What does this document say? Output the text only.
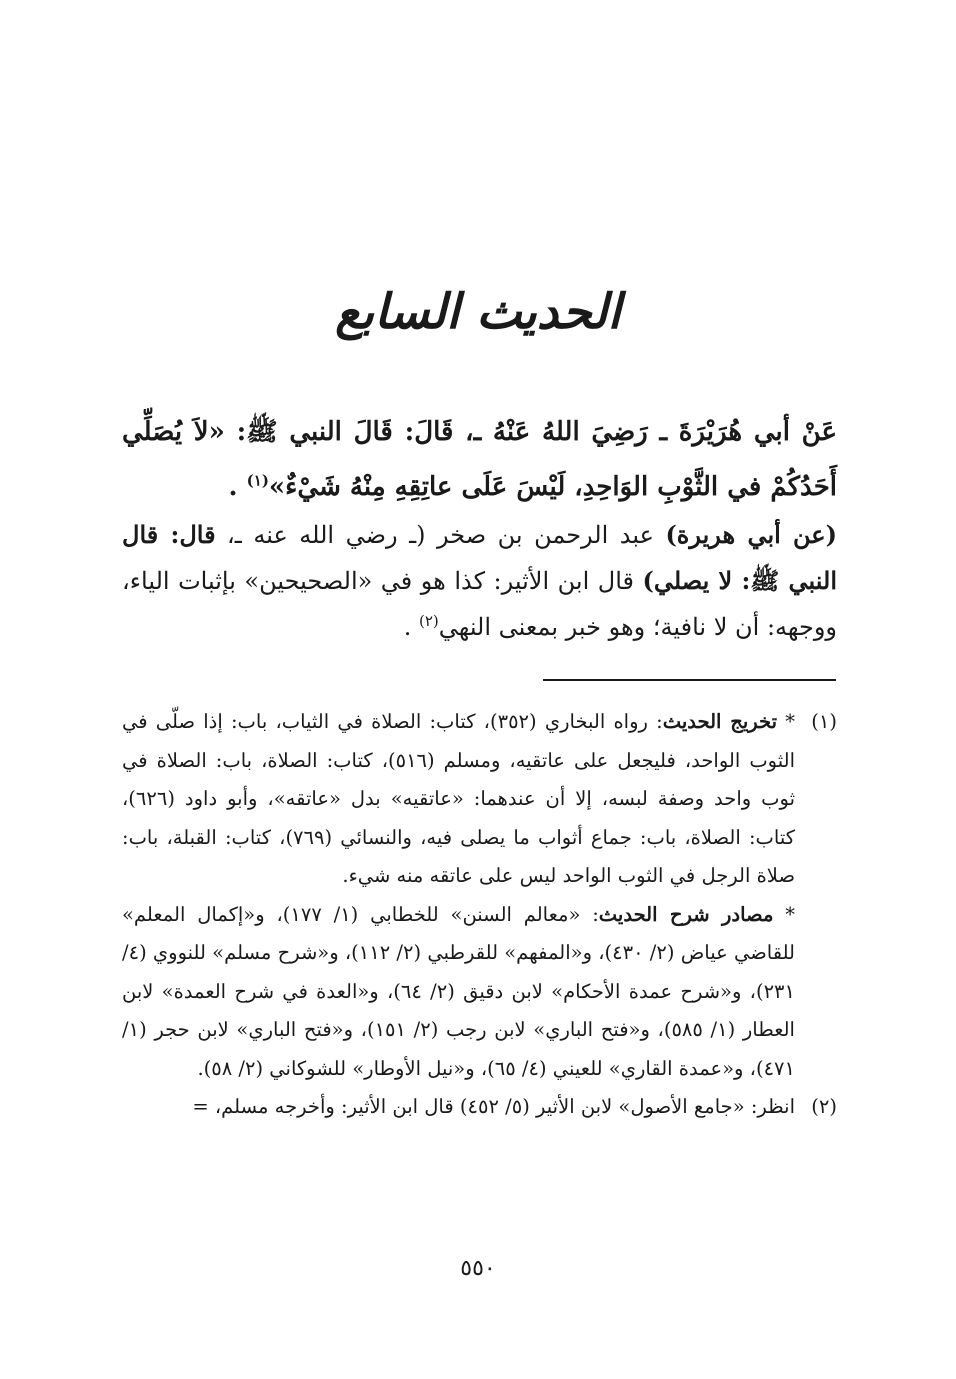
الحديث السابع

عَنْ أبي هُرَيْرَةَ ـ رَضِيَ اللهُ عَنْهُ ـ، قَالَ: قَالَ النبي ﷺ: «لاَ يُصَلِّي أَحَدُكُمْ في الثَّوْبِ الوَاحِدِ، لَيْسَ عَلَى عاتِقِهِ مِنْهُ شَيْءٌ»$^{(١)}$ .

(عن أبي هريرة) عبد الرحمن بن صخر (ـ رضي الله عنه ـ، قال: قال النبي ﷺ: لا يصلي) قال ابن الأثير: كذا هو في «الصحيحين» بإثبات الياء، ووجهه: أن لا نافية؛ وهو خبر بمعنى النهي$^{(٢)}$ .

(١)

* تخريج الحديث: رواه البخاري (٣٥٢)، كتاب: الصلاة في الثياب، باب: إذا صلّى في الثوب الواحد، فليجعل على عاتقيه، ومسلم (٥١٦)، كتاب: الصلاة، باب: الصلاة في ثوب واحد وصفة لبسه، إلا أن عندهما: «عاتقيه» بدل «عاتقه»، وأبو داود (٦٢٦)، كتاب: الصلاة، باب: جماع أثواب ما يصلى فيه، والنسائي (٧٦٩)، كتاب: القبلة، باب: صلاة الرجل في الثوب الواحد ليس على عاتقه منه شيء.

* مصادر شرح الحديث: «معالم السنن» للخطابي (١/ ١٧٧)، و«إكمال المعلم» للقاضي عياض (٢/ ٤٣٠)، و«المفهم» للقرطبي (٢/ ١١٢)، و«شرح مسلم» للنووي (٤/ ٢٣١)، و«شرح عمدة الأحكام» لابن دقيق (٢/ ٦٤)، و«العدة في شرح العمدة» لابن العطار (١/ ٥٨٥)، و«فتح الباري» لابن رجب (٢/ ١٥١)، و«فتح الباري» لابن حجر (١/ ٤٧١)، و«عمدة القاري» للعيني (٤/ ٦٥)، و«نيل الأوطار» للشوكاني (٢/ ٥٨).

(٢)

انظر: «جامع الأصول» لابن الأثير (٥/ ٤٥٢) قال ابن الأثير: وأخرجه مسلم، =

٥٥٠
